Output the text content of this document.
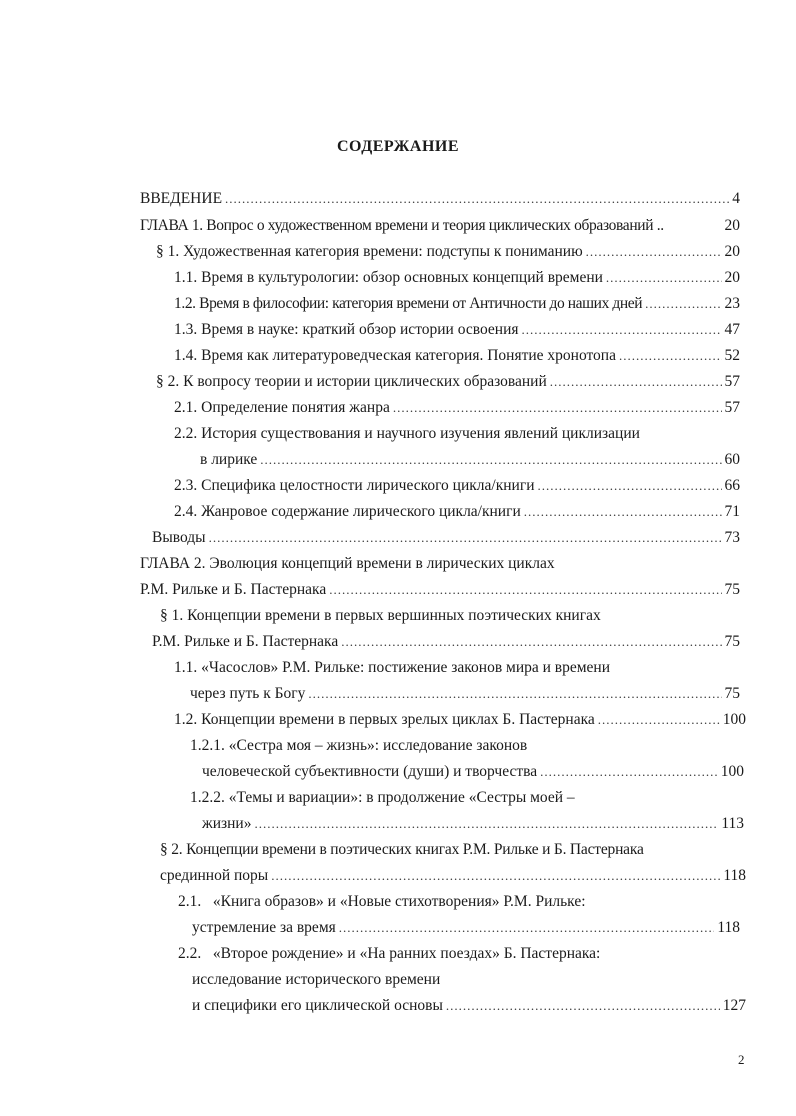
СОДЕРЖАНИЕ
ВВЕДЕНИЕ .....	4
ГЛАВА 1. Вопрос о художественном времени и теория циклических образований ..	20
§ 1. Художественная категория времени: подступы к пониманию .....	20
1.1. Время в культурологии: обзор основных концепций времени .....	20
1.2. Время в философии: категория времени от Античности до наших дней .....	23
1.3. Время в науке: краткий обзор истории освоения .....	47
1.4. Время как литературоведческая категория. Понятие хронотопа .....	52
§ 2. К вопросу теории и истории циклических образований .....	57
2.1. Определение понятия жанра .....	57
2.2. История существования и научного изучения явлений циклизации
в лирике .....	60
2.3. Специфика целостности лирического цикла/книги .....	66
2.4. Жанровое содержание лирического цикла/книги .....	71
Выводы .....	73
ГЛАВА 2. Эволюция концепций времени в лирических циклах
Р.М. Рильке и Б. Пастернака .....	75
§ 1. Концепции времени в первых вершинных поэтических книгах
Р.М. Рильке и Б. Пастернака .....	75
1.1. «Часослов» Р.М. Рильке: постижение законов мира и времени
через путь к Богу .....	75
1.2. Концепции времени в первых зрелых циклах Б. Пастернака .....	100
1.2.1. «Сестра моя – жизнь»: исследование законов
человеческой субъективности (души) и творчества .....	100
1.2.2. «Темы и вариации»: в продолжение «Сестры моей –
жизни» .....	113
§ 2. Концепции времени в поэтических книгах Р.М. Рильке и Б. Пастернака
срединной поры .....	118
2.1.   «Книга образов» и «Новые стихотворения» Р.М. Рильке:
устремление за время .....	118
2.2.   «Второе рождение» и «На ранних поездах» Б. Пастернака:
исследование исторического времени
и специфики его циклической основы .....	127
2
